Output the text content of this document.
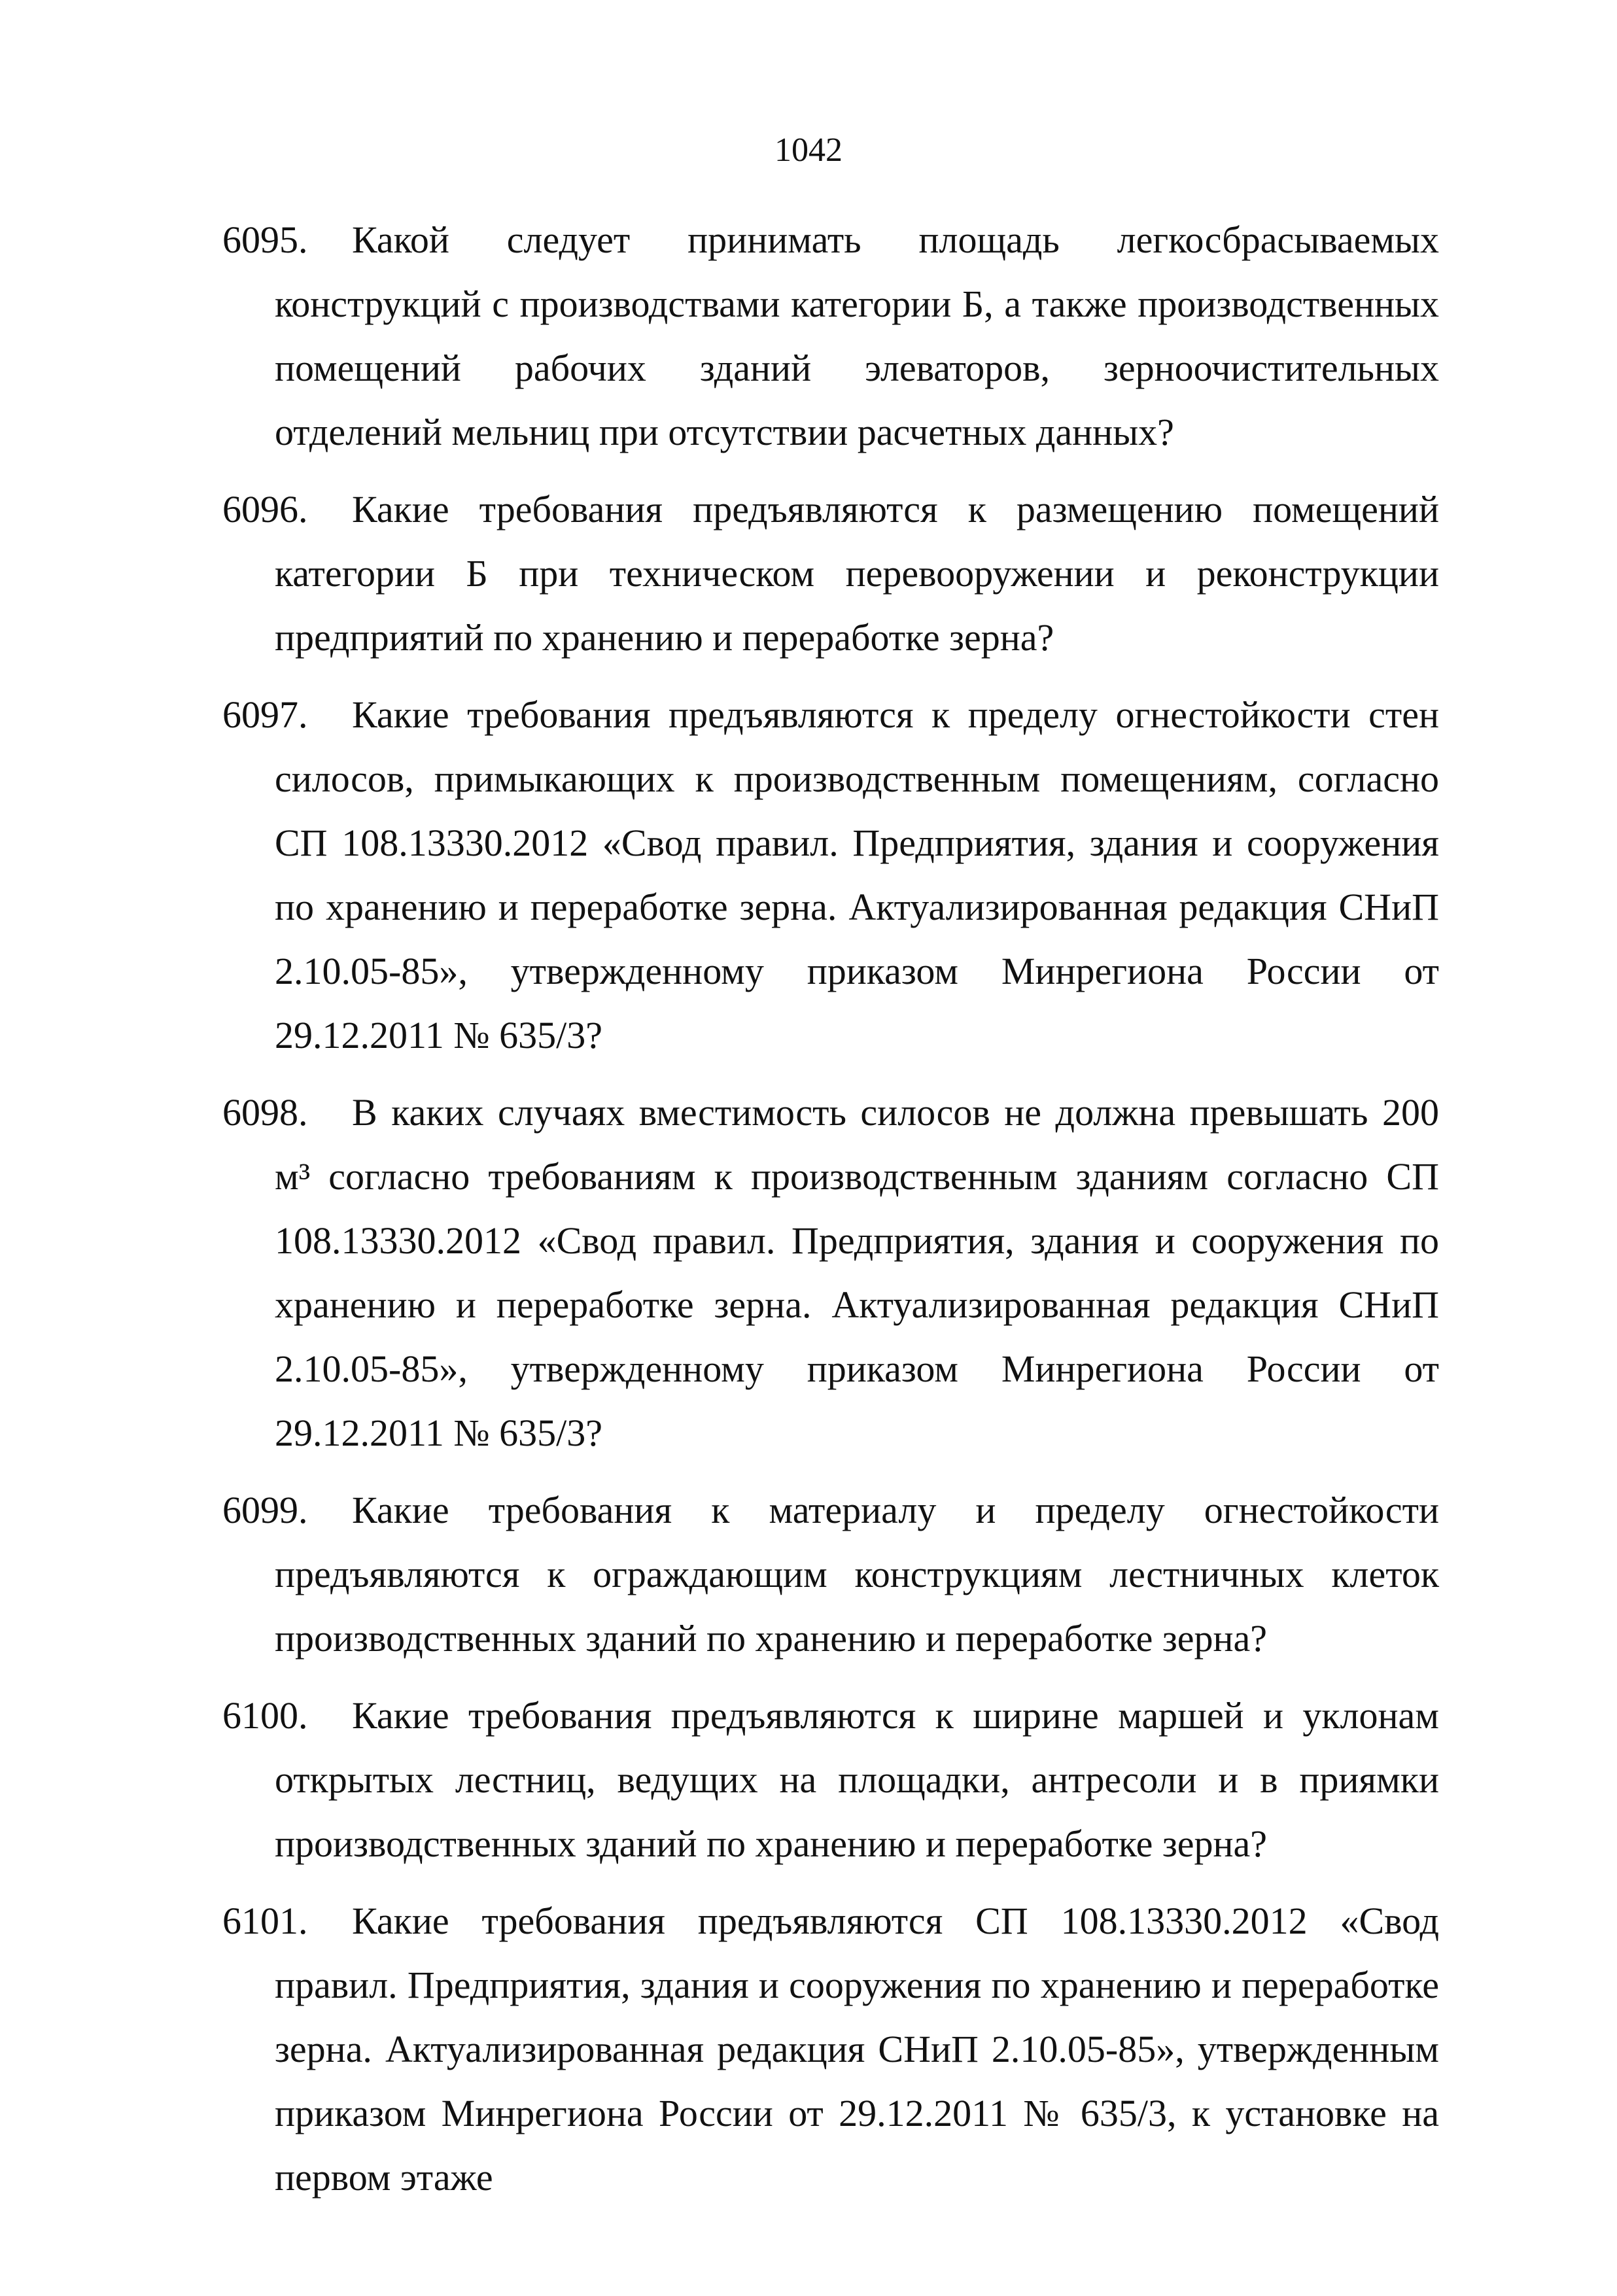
1042
6095.	Какой следует принимать площадь легкосбрасываемых конструкций с производствами категории Б, а также производственных помещений рабочих зданий элеваторов, зерноочистительных отделений мельниц при отсутствии расчетных данных?
6096.	Какие требования предъявляются к размещению помещений категории Б при техническом перевооружении и реконструкции предприятий по хранению и переработке зерна?
6097.	Какие требования предъявляются к пределу огнестойкости стен силосов, примыкающих к производственным помещениям, согласно СП 108.13330.2012 «Свод правил. Предприятия, здания и сооружения по хранению и переработке зерна. Актуализированная редакция СНиП 2.10.05-85», утвержденному приказом Минрегиона России от 29.12.2011 № 635/3?
6098.	В каких случаях вместимость силосов не должна превышать 200 м³ согласно требованиям к производственным зданиям согласно СП 108.13330.2012 «Свод правил. Предприятия, здания и сооружения по хранению и переработке зерна. Актуализированная редакция СНиП 2.10.05-85», утвержденному приказом Минрегиона России от 29.12.2011 № 635/3?
6099.	Какие требования к материалу и пределу огнестойкости предъявляются к ограждающим конструкциям лестничных клеток производственных зданий по хранению и переработке зерна?
6100.	Какие требования предъявляются к ширине маршей и уклонам открытых лестниц, ведущих на площадки, антресоли и в приямки производственных зданий по хранению и переработке зерна?
6101.	Какие требования предъявляются СП 108.13330.2012 «Свод правил. Предприятия, здания и сооружения по хранению и переработке зерна. Актуализированная редакция СНиП 2.10.05-85», утвержденным приказом Минрегиона России от 29.12.2011 № 635/3, к установке на первом этаже
